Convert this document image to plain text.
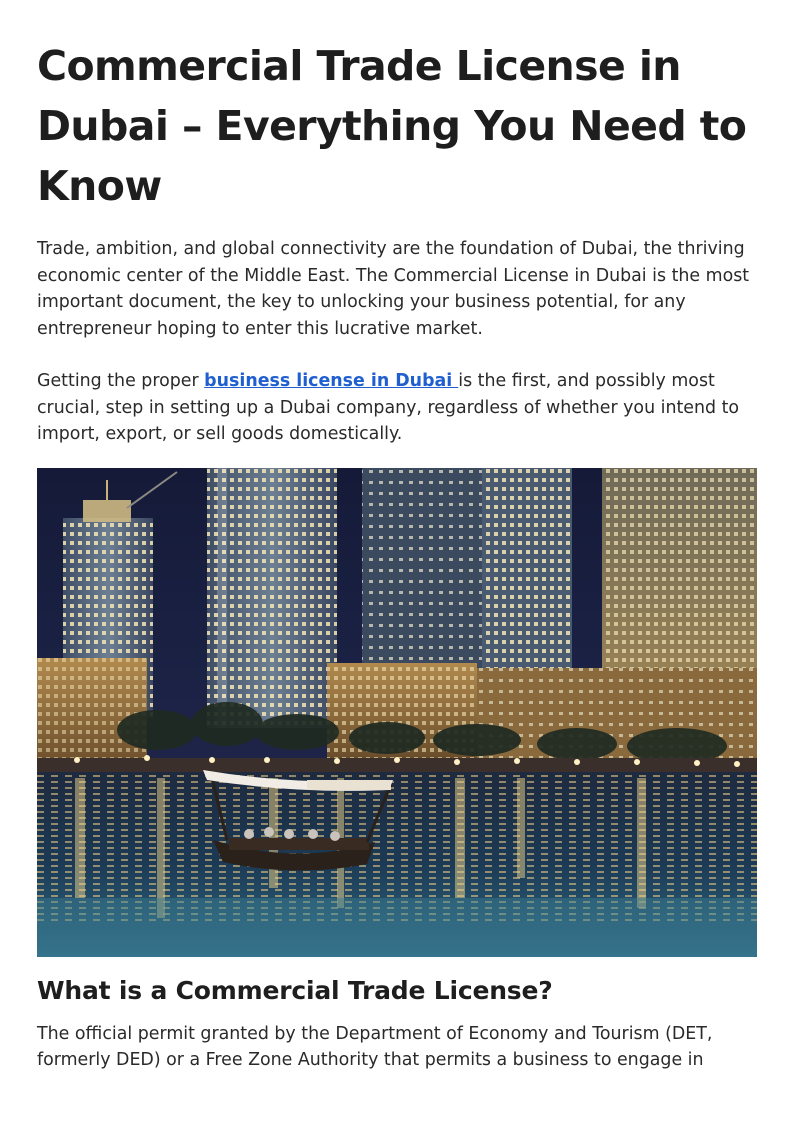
Commercial Trade License in Dubai – Everything You Need to Know

Trade, ambition, and global connectivity are the foundation of Dubai, the thriving economic center of the Middle East. The Commercial License in Dubai is the most important document, the key to unlocking your business potential, for any entrepreneur hoping to enter this lucrative market.

Getting the proper business license in Dubai is the first, and possibly most crucial, step in setting up a Dubai company, regardless of whether you intend to import, export, or sell goods domestically.

What is a Commercial Trade License?

The official permit granted by the Department of Economy and Tourism (DET, formerly DED) or a Free Zone Authority that permits a business to engage in
